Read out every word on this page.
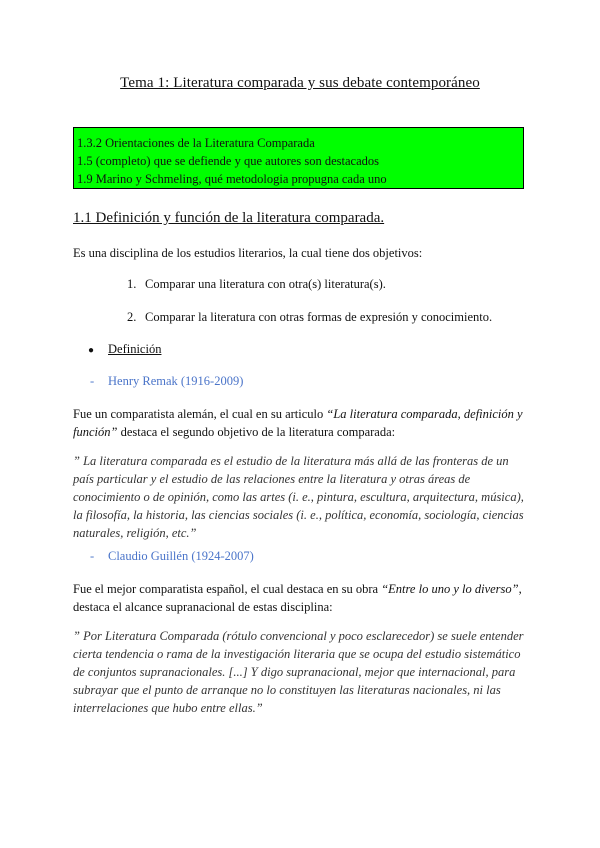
Tema 1: Literatura comparada y sus debate contemporáneo
1.3.2 Orientaciones de la Literatura Comparada
1.5 (completo) que se defiende y que autores son destacados
1.9 Marino y Schmeling, qué metodologia propugna cada uno
1.1 Definición y función de la literatura comparada.
Es una disciplina de los estudios literarios, la cual tiene dos objetivos:
1. Comparar una literatura con otra(s) literatura(s).
2. Comparar la literatura con otras formas de expresión y conocimiento.
● Definición
- Henry Remak (1916-2009)
Fue un comparatista alemán, el cual en su articulo “La literatura comparada, definición y función” destaca el segundo objetivo de la literatura comparada:
” La literatura comparada es el estudio de la literatura más allá de las fronteras de un país particular y el estudio de las relaciones entre la literatura y otras áreas de conocimiento o de opinión, como las artes (i. e., pintura, escultura, arquitectura, música), la filosofía, la historia, las ciencias sociales (i. e., política, economía, sociología, ciencias naturales, religión, etc.”
- Claudio Guillén (1924-2007)
Fue el mejor comparatista español, el cual destaca en su obra “Entre lo uno y lo diverso”, destaca el alcance supranacional de estas disciplina:
” Por Literatura Comparada (rótulo convencional y poco esclarecedor) se suele entender cierta tendencia o rama de la investigación literaria que se ocupa del estudio sistemático de conjuntos supranacionales. [...] Y digo supranacional, mejor que internacional, para subrayar que el punto de arranque no lo constituyen las literaturas nacionales, ni las interrelaciones que hubo entre ellas.”
